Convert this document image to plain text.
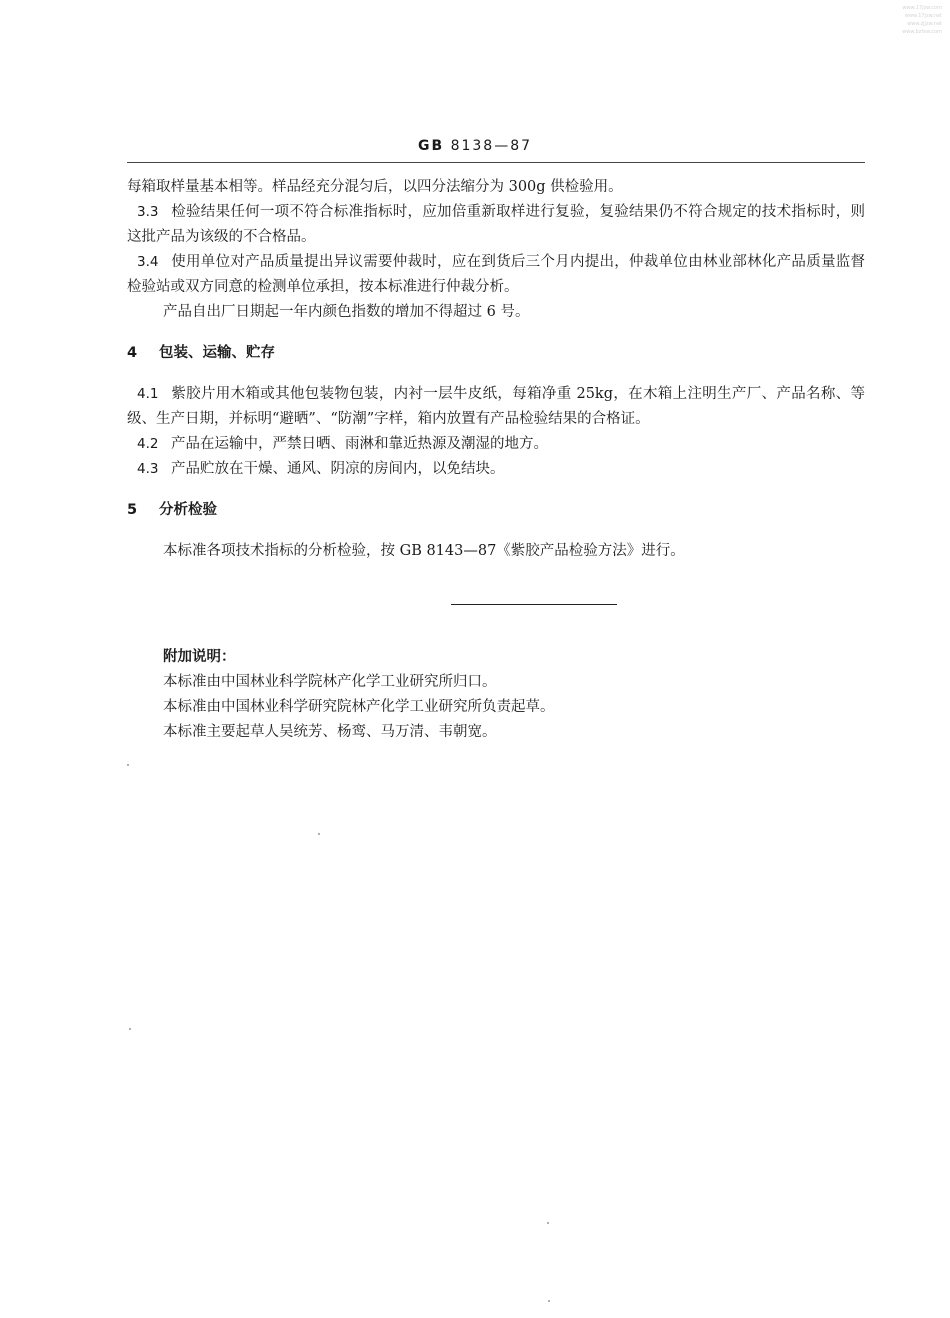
www.17jzw.com
www.17jzw.net
www.zjjzw.net
www.bzfxw.com
GB 8138—87

每箱取样量基本相等。样品经充分混匀后，以四分法缩分为 300g 供检验用。

3.3 检验结果任何一项不符合标准指标时，应加倍重新取样进行复验，复验结果仍不符合规定的技术指标时，则这批产品为该级的不合格品。

3.4 使用单位对产品质量提出异议需要仲裁时，应在到货后三个月内提出，仲裁单位由林业部林化产品质量监督检验站或双方同意的检测单位承担，按本标准进行仲裁分析。

产品自出厂日期起一年内颜色指数的增加不得超过 6 号。

4 包装、运输、贮存

4.1 紫胶片用木箱或其他包装物包装，内衬一层牛皮纸，每箱净重 25kg，在木箱上注明生产厂、产品名称、等级、生产日期，并标明“避晒”、“防潮”字样，箱内放置有产品检验结果的合格证。

4.2 产品在运输中，严禁日晒、雨淋和靠近热源及潮湿的地方。

4.3 产品贮放在干燥、通风、阴凉的房间内，以免结块。

5 分析检验

本标准各项技术指标的分析检验，按 GB 8143—87《紫胶产品检验方法》进行。

附加说明：

本标准由中国林业科学院林产化学工业研究所归口。

本标准由中国林业科学研究院林产化学工业研究所负责起草。

本标准主要起草人吴统芳、杨鸾、马万清、韦朝宽。
